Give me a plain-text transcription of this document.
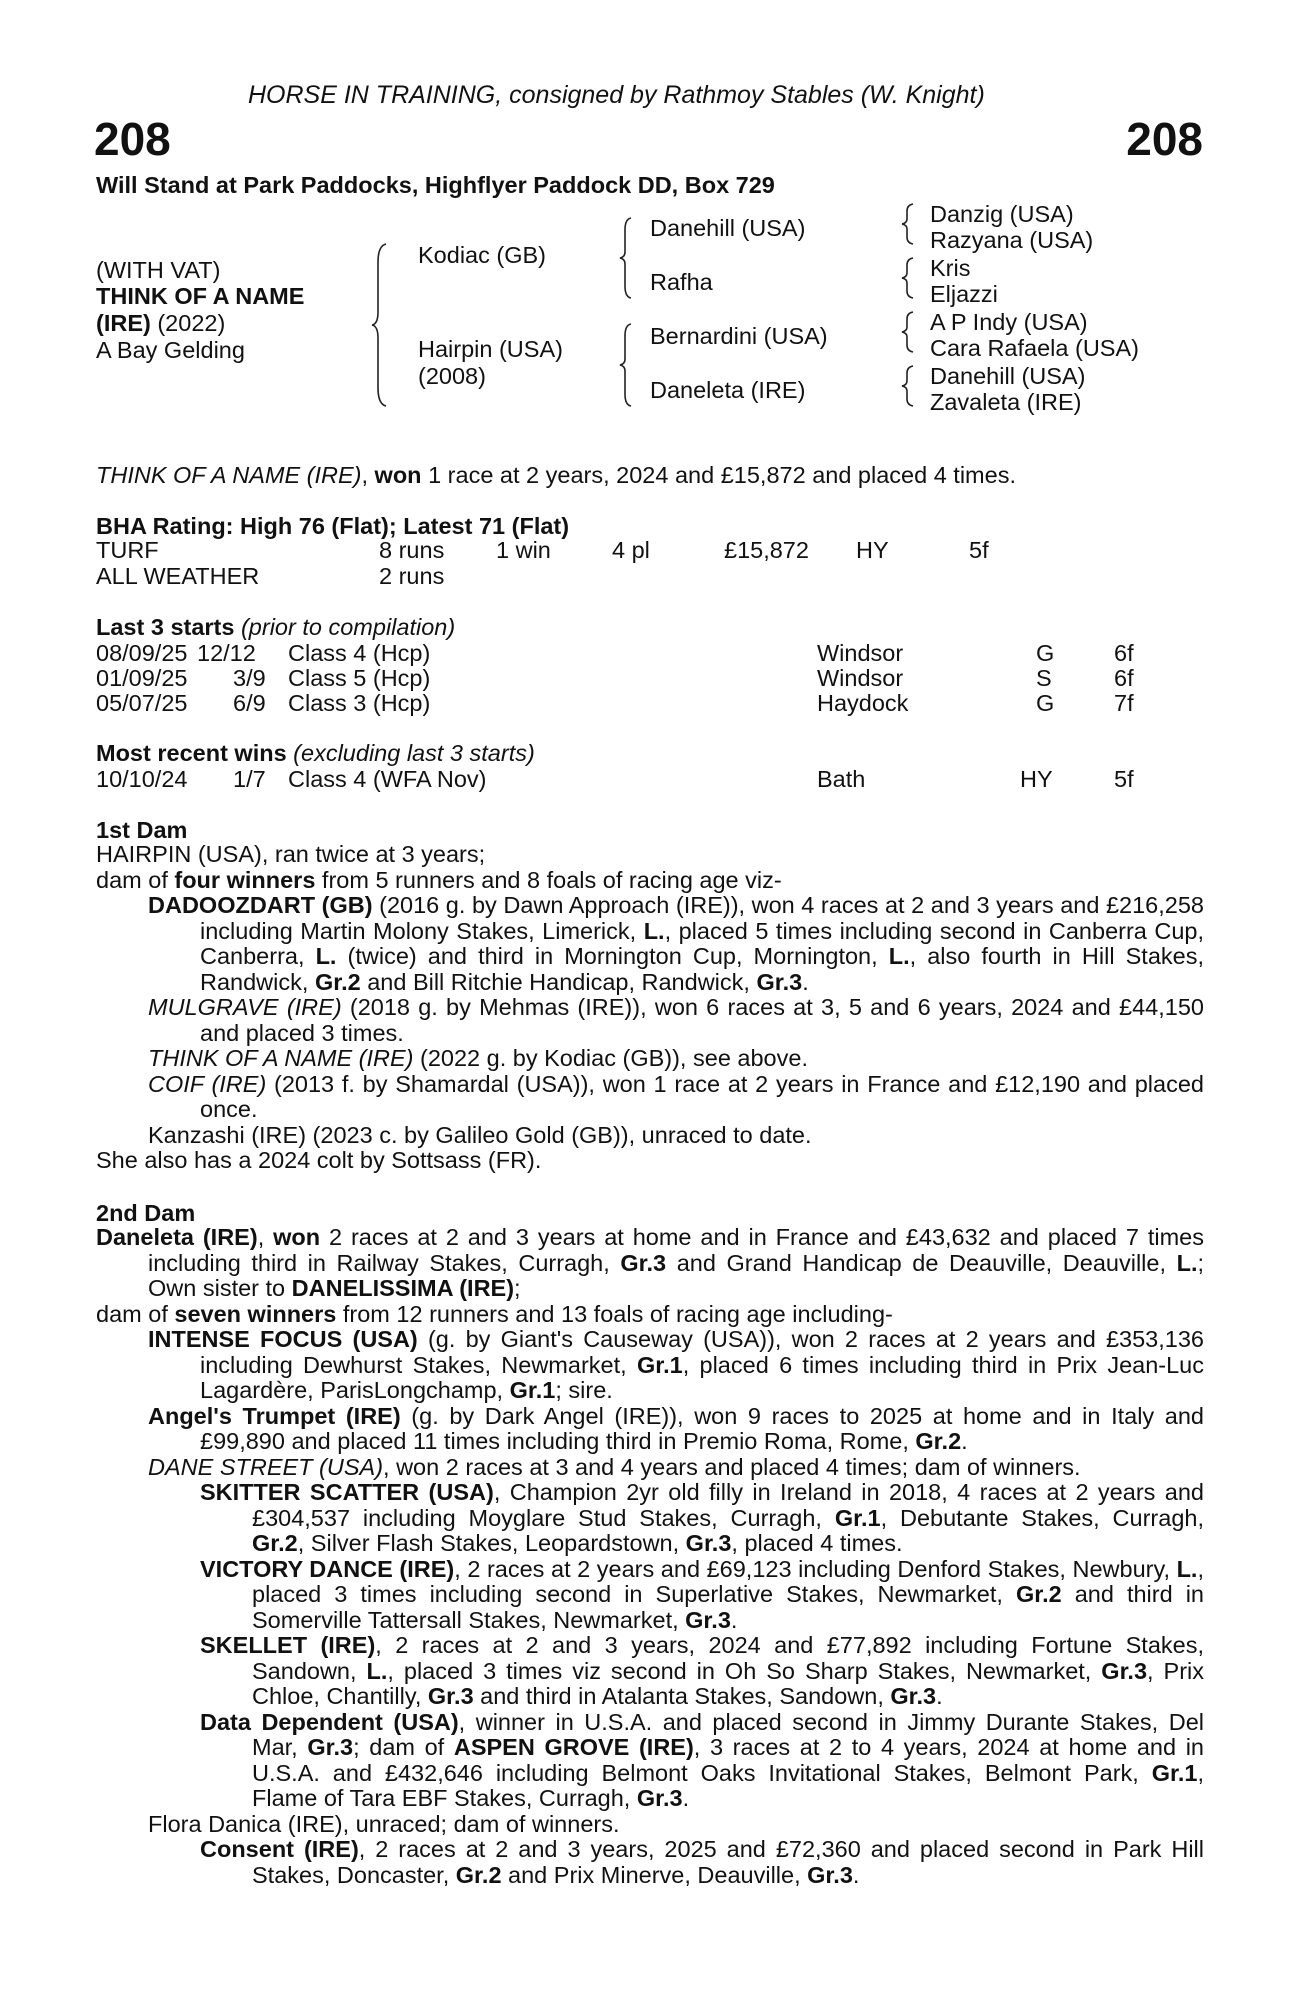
HORSE IN TRAINING, consigned by Rathmoy Stables (W. Knight)
208	208
Will Stand at Park Paddocks, Highflyer Paddock DD, Box 729
(WITH VAT)
THINK OF A NAME
(IRE) (2022)
A Bay Gelding
Kodiac (GB)
Hairpin (USA)
(2008)
Danehill (USA)
Rafha
Bernardini (USA)
Daneleta (IRE)
Danzig (USA)
Razyana (USA)
Kris
Eljazzi
A P Indy (USA)
Cara Rafaela (USA)
Danehill (USA)
Zavaleta (IRE)
THINK OF A NAME (IRE), won 1 race at 2 years, 2024 and £15,872 and placed 4 times.
BHA Rating: High 76 (Flat); Latest 71 (Flat)
TURF	8 runs 1 win	4 pl	£15,872 HY	5f
ALL WEATHER	2 runs
Last 3 starts (prior to compilation)
08/09/25 12/12 Class 4 (Hcp)	Windsor	G	6f
01/09/25 3/9 Class 5 (Hcp)	Windsor	S	6f
05/07/25 6/9 Class 3 (Hcp)	Haydock	G	7f
Most recent wins (excluding last 3 starts)
10/10/24 1/7 Class 4 (WFA Nov)	Bath	HY	5f
1st Dam
HAIRPIN (USA), ran twice at 3 years;
dam of four winners from 5 runners and 8 foals of racing age viz-
DADOOZDART (GB) (2016 g. by Dawn Approach (IRE)), won 4 races at 2 and 3 years and £216,258 including Martin Molony Stakes, Limerick, L., placed 5 times including second in Canberra Cup, Canberra, L. (twice) and third in Mornington Cup, Mornington, L., also fourth in Hill Stakes, Randwick, Gr.2 and Bill Ritchie Handicap, Randwick, Gr.3.
MULGRAVE (IRE) (2018 g. by Mehmas (IRE)), won 6 races at 3, 5 and 6 years, 2024 and £44,150 and placed 3 times.
THINK OF A NAME (IRE) (2022 g. by Kodiac (GB)), see above.
COIF (IRE) (2013 f. by Shamardal (USA)), won 1 race at 2 years in France and £12,190 and placed once.
Kanzashi (IRE) (2023 c. by Galileo Gold (GB)), unraced to date.
She also has a 2024 colt by Sottsass (FR).
2nd Dam
Daneleta (IRE), won 2 races at 2 and 3 years at home and in France and £43,632 and placed 7 times including third in Railway Stakes, Curragh, Gr.3 and Grand Handicap de Deauville, Deauville, L.; Own sister to DANELISSIMA (IRE);
dam of seven winners from 12 runners and 13 foals of racing age including-
INTENSE FOCUS (USA) (g. by Giant's Causeway (USA)), won 2 races at 2 years and £353,136 including Dewhurst Stakes, Newmarket, Gr.1, placed 6 times including third in Prix Jean-Luc Lagardère, ParisLongchamp, Gr.1; sire.
Angel's Trumpet (IRE) (g. by Dark Angel (IRE)), won 9 races to 2025 at home and in Italy and £99,890 and placed 11 times including third in Premio Roma, Rome, Gr.2.
DANE STREET (USA), won 2 races at 3 and 4 years and placed 4 times; dam of winners.
SKITTER SCATTER (USA), Champion 2yr old filly in Ireland in 2018, 4 races at 2 years and £304,537 including Moyglare Stud Stakes, Curragh, Gr.1, Debutante Stakes, Curragh, Gr.2, Silver Flash Stakes, Leopardstown, Gr.3, placed 4 times.
VICTORY DANCE (IRE), 2 races at 2 years and £69,123 including Denford Stakes, Newbury, L., placed 3 times including second in Superlative Stakes, Newmarket, Gr.2 and third in Somerville Tattersall Stakes, Newmarket, Gr.3.
SKELLET (IRE), 2 races at 2 and 3 years, 2024 and £77,892 including Fortune Stakes, Sandown, L., placed 3 times viz second in Oh So Sharp Stakes, Newmarket, Gr.3, Prix Chloe, Chantilly, Gr.3 and third in Atalanta Stakes, Sandown, Gr.3.
Data Dependent (USA), winner in U.S.A. and placed second in Jimmy Durante Stakes, Del Mar, Gr.3; dam of ASPEN GROVE (IRE), 3 races at 2 to 4 years, 2024 at home and in U.S.A. and £432,646 including Belmont Oaks Invitational Stakes, Belmont Park, Gr.1, Flame of Tara EBF Stakes, Curragh, Gr.3.
Flora Danica (IRE), unraced; dam of winners.
Consent (IRE), 2 races at 2 and 3 years, 2025 and £72,360 and placed second in Park Hill Stakes, Doncaster, Gr.2 and Prix Minerve, Deauville, Gr.3.
